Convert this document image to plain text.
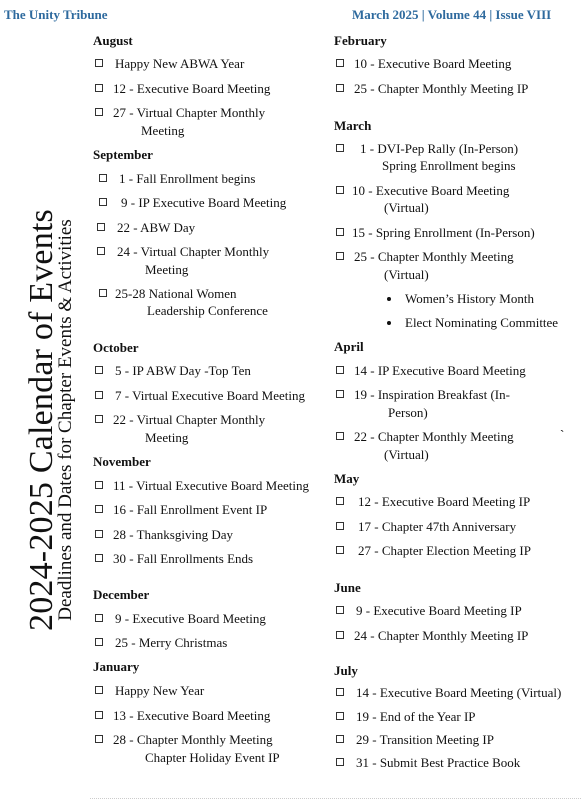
The Unity Tribune	March 2025 | Volume 44 | Issue VIII
2024-2025 Calendar of Events
Deadlines and Dates for Chapter Events & Activities
August
Happy New ABWA Year
12 - Executive Board Meeting
27 - Virtual Chapter Monthly
Meeting
September
1 - Fall Enrollment begins
9 - IP Executive Board Meeting
22 - ABW Day
24 - Virtual Chapter Monthly
Meeting
25-28 National Women
Leadership Conference
October
5 - IP ABW Day -Top Ten
7 - Virtual Executive Board Meeting
22 - Virtual Chapter Monthly
Meeting
November
11 - Virtual Executive Board Meeting
16 - Fall Enrollment Event IP
28 - Thanksgiving Day
30 - Fall Enrollments Ends
December
9 - Executive Board Meeting
25 - Merry Christmas
January
Happy New Year
13 - Executive Board Meeting
28 - Chapter Monthly Meeting
Chapter Holiday Event IP
February
10 - Executive Board Meeting
25 - Chapter Monthly Meeting IP
March
1 - DVI-Pep Rally (In-Person)
Spring Enrollment begins
10 - Executive Board Meeting
(Virtual)
15 - Spring Enrollment (In-Person)
25 - Chapter Monthly Meeting
(Virtual)
Women’s History Month
Elect Nominating Committee
April
14 - IP Executive Board Meeting
19 - Inspiration Breakfast (In-
Person)
22 - Chapter Monthly Meeting	`
(Virtual)
May
12 - Executive Board Meeting IP
17 - Chapter 47th Anniversary
27 - Chapter Election Meeting IP
June
9 - Executive Board Meeting IP
24 - Chapter Monthly Meeting IP
July
14 - Executive Board Meeting (Virtual)
19 - End of the Year IP
29 - Transition Meeting IP
31 - Submit Best Practice Book
